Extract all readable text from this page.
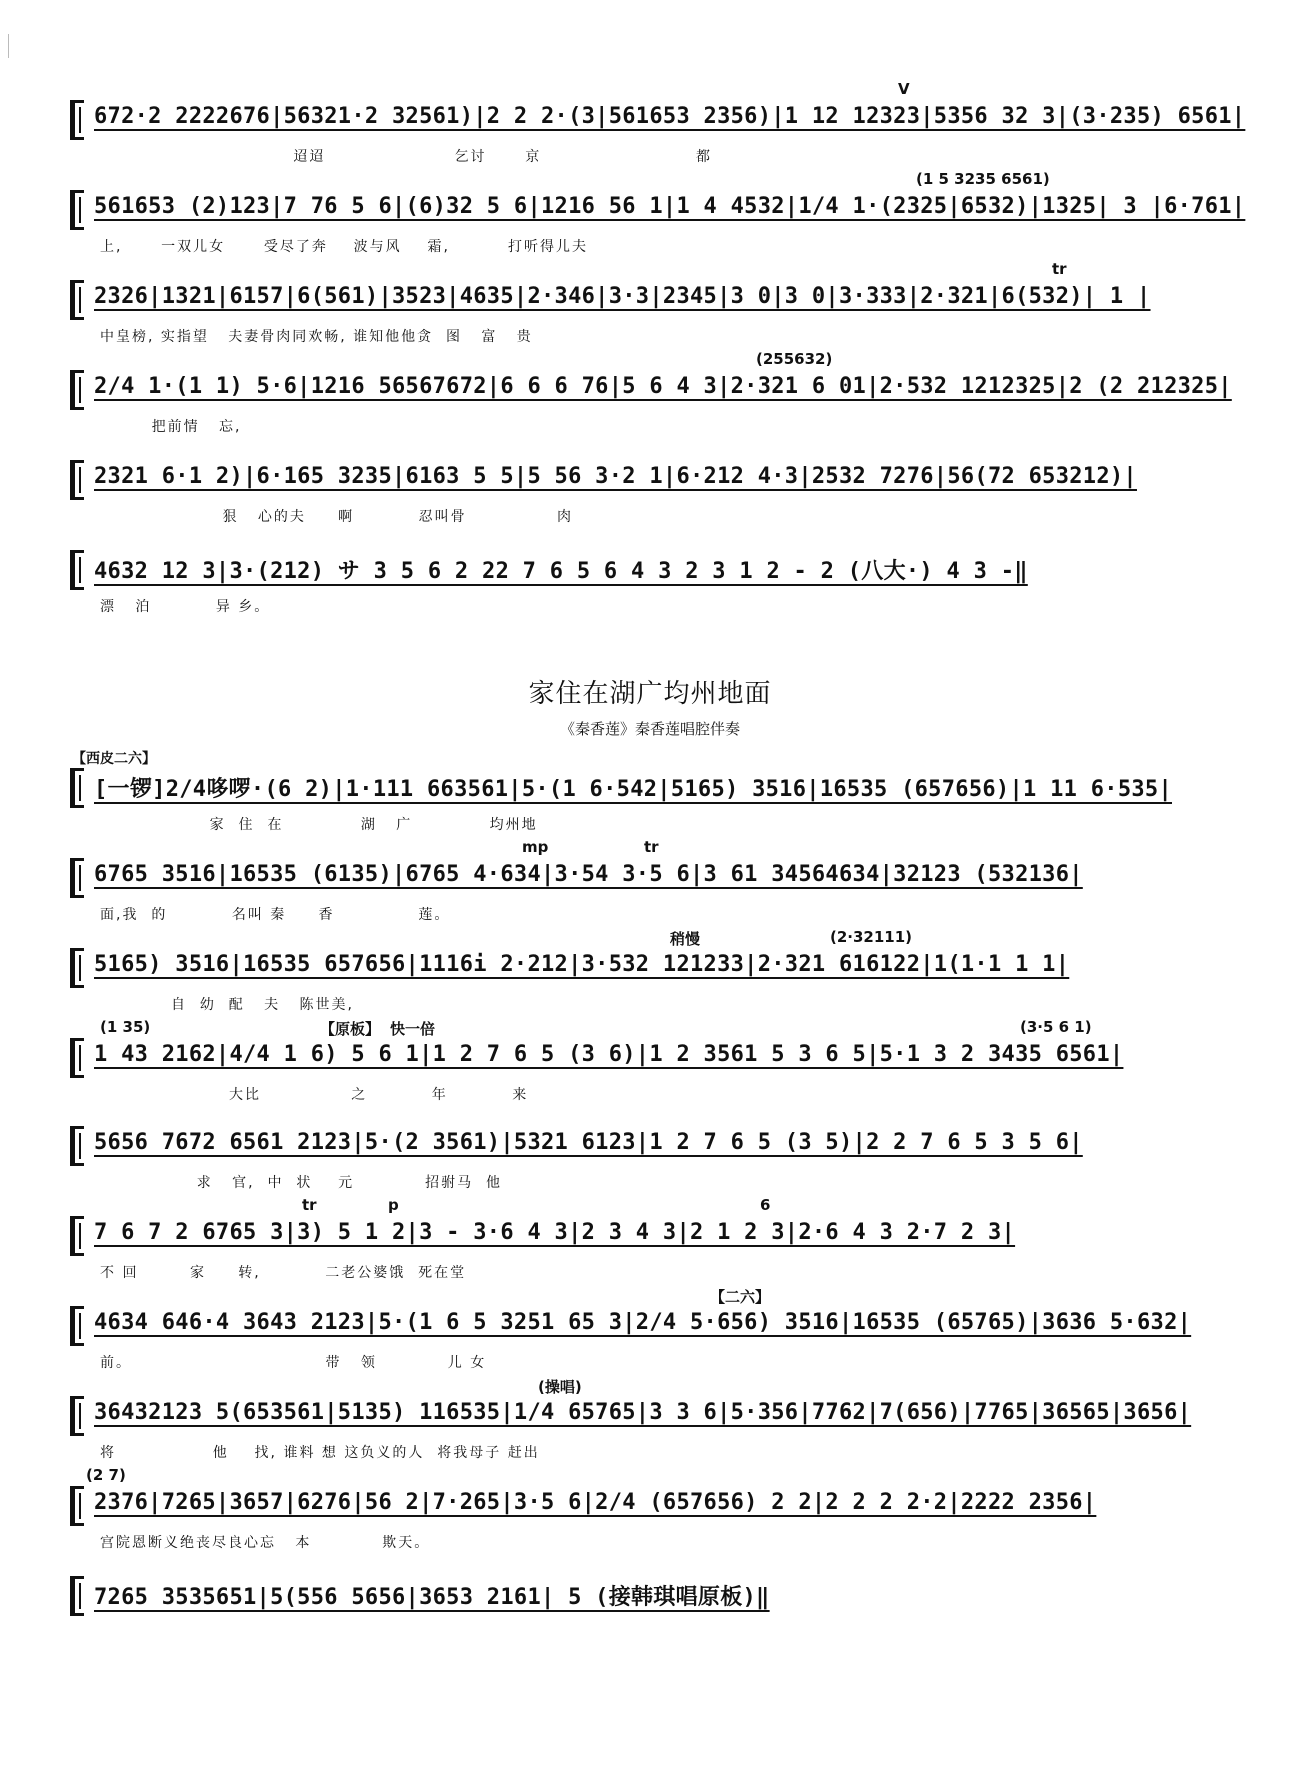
家住在湖广均州地面
《秦香莲》秦香莲唱腔伴奏
【西皮二六】
V
672·2 2222676|56321·2 32561)|2 2 2·(3|561653 2356)|1 12 12323|5356 32 3|(3·235) 6561|
迢迢                    乞讨      京                        都
(1 5 3235 6561)
561653 (2)123|7 76 5 6|(6)32 5 6|1216 56 1|1 4 4532|1/4 1·(2325|6532)|1325| 3 |6·761|
上,      一双儿女      受尽了奔    波与风    霜,         打听得儿夫
tr
2326|1321|6157|6(561)|3523|4635|2·346|3·3|2345|3 0|3 0|3·333|2·321|6(532)| 1 |
中皇榜, 实指望   夫妻骨肉同欢畅, 谁知他他贪  图   富   贵
(255632)
2/4 1·(1 1) 5·6|1216 56567672|6 6 6 76|5 6 4 3|2·321 6 01|2·532 1212325|2 (2 212325|
把前情   忘,
2321 6·1 2)|6·165 3235|6163 5 5|5 56 3·2 1|6·212 4·3|2532 7276|56(72 653212)|
狠   心的夫     啊          忍叫骨              肉
4632 12 3|3·(212) サ 3 5 6 2 22 7 6 5 6 4 3 2 3 1 2 - 2 (八大·) 4 3 -‖
漂   泊          异 乡。
[一锣]2/4哆啰·(6 2)|1·111 663561|5·(1 6·542|5165) 3516|16535 (657656)|1 11 6·535|
家  住  在            湖   广            均州地
mp	tr
6765 3516|16535 (6135)|6765 4·634|3·54 3·5 6|3 61 34564634|32123 (532136|
面,我  的          名叫 秦     香             莲。
稍慢	(2·32111)
5165) 3516|16535 657656|1116i 2·212|3·532 121233|2·321 616122|1(1·1 1 1|
自  幼  配   夫   陈世美,
(1 35)	【原板】 快一倍	(3·5 6 1)
1 43 2162|4/4 1 6) 5 6 1|1 2 7 6 5 (3 6)|1 2 3561 5 3 6 5|5·1 3 2 3435 6561|
大比              之          年          来
5656 7672 6561 2123|5·(2 3561)|5321 6123|1 2 7 6 5 (3 5)|2 2 7 6 5 3 5 6|
求   官,  中  状    元           招驸马  他
tr	p	6
7 6 7 2 6765 3|3) 5 1 2|3 - 3·6 4 3|2 3 4 3|2 1 2 3|2·6 4 3 2·7 2 3|
不 回        家     转,          二老公婆饿  死在堂
【二六】
4634 646·4 3643 2123|5·(1 6 5 3251 65 3|2/4 5·656) 3516|16535 (65765)|3636 5·632|
前。                              带   领           儿 女
(操唱)
36432123 5(653561|5135) 116535|1/4 65765|3 3 6|5·356|7762|7(656)|7765|36565|3656|
将               他    找, 谁料 想 这负义的人  将我母子 赶出
(2 7)
2376|7265|3657|6276|56 2|7·265|3·5 6|2/4 (657656) 2 2|2 2 2 2·2|2222 2356|
宫院恩断义绝丧尽良心忘   本           欺天。
7265 3535651|5(556 5656|3653 2161| 5 (接韩琪唱原板)‖
